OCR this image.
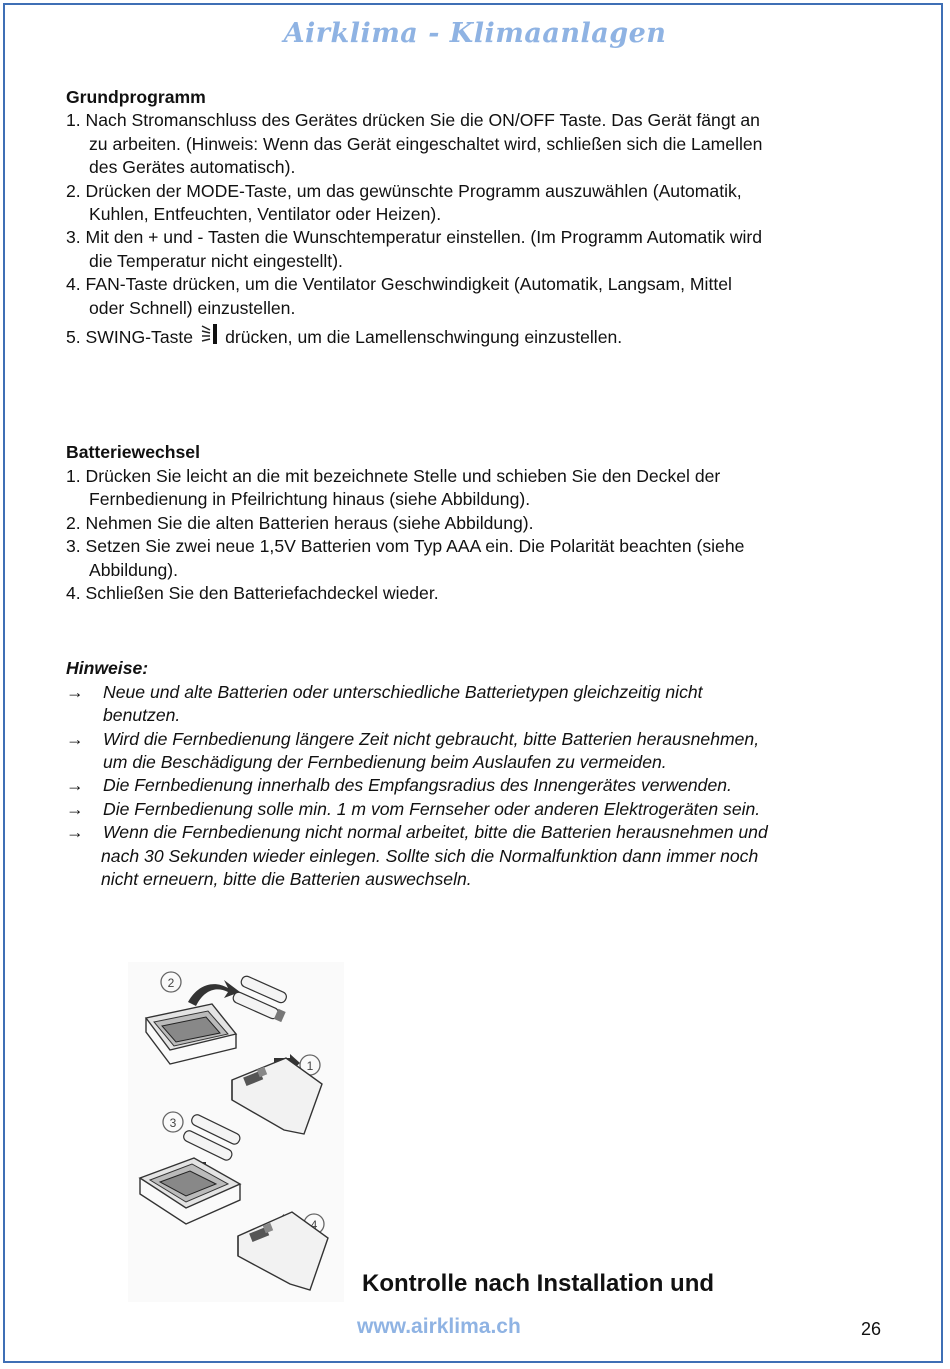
Airklima - Klimaanlagen

Grundprogramm

1. Nach Stromanschluss des Gerätes drücken Sie die ON/OFF Taste. Das Gerät fängt an

zu arbeiten. (Hinweis: Wenn das Gerät eingeschaltet wird, schließen sich die Lamellen

des Gerätes automatisch).

2. Drücken der MODE-Taste, um das gewünschte Programm auszuwählen (Automatik,

Kuhlen, Entfeuchten, Ventilator oder Heizen).

3. Mit den + und - Tasten die Wunschtemperatur einstellen. (Im Programm Automatik wird

die Temperatur nicht eingestellt).

4. FAN-Taste drücken, um die Ventilator Geschwindigkeit (Automatik, Langsam, Mittel

oder Schnell) einzustellen.

5. SWING-Taste drücken, um die Lamellenschwingung einzustellen.

Batteriewechsel

1. Drücken Sie leicht an die mit bezeichnete Stelle und schieben Sie den Deckel der

Fernbedienung in Pfeilrichtung hinaus (siehe Abbildung).

2. Nehmen Sie die alten Batterien heraus (siehe Abbildung).

3. Setzen Sie zwei neue 1,5V Batterien vom Typ AAA ein. Die Polarität beachten (siehe

Abbildung).

4. Schließen Sie den Batteriefachdeckel wieder.

Hinweise:

→ Neue und alte Batterien oder unterschiedliche Batterietypen gleichzeitig nicht

benutzen.

→ Wird die Fernbedienung längere Zeit nicht gebraucht, bitte Batterien herausnehmen,

um die Beschädigung der Fernbedienung beim Auslaufen zu vermeiden.

→ Die Fernbedienung innerhalb des Empfangsradius des Innengerätes verwenden.

→ Die Fernbedienung solle min. 1 m vom Fernseher oder anderen Elektrogeräten sein.

→ Wenn die Fernbedienung nicht normal arbeitet, bitte die Batterien herausnehmen und

nach 30 Sekunden wieder einlegen. Sollte sich die Normalfunktion dann immer noch

nicht erneuern, bitte die Batterien auswechseln.

2
1
3
4
Kontrolle nach Installation und
www.airklima.ch	26
